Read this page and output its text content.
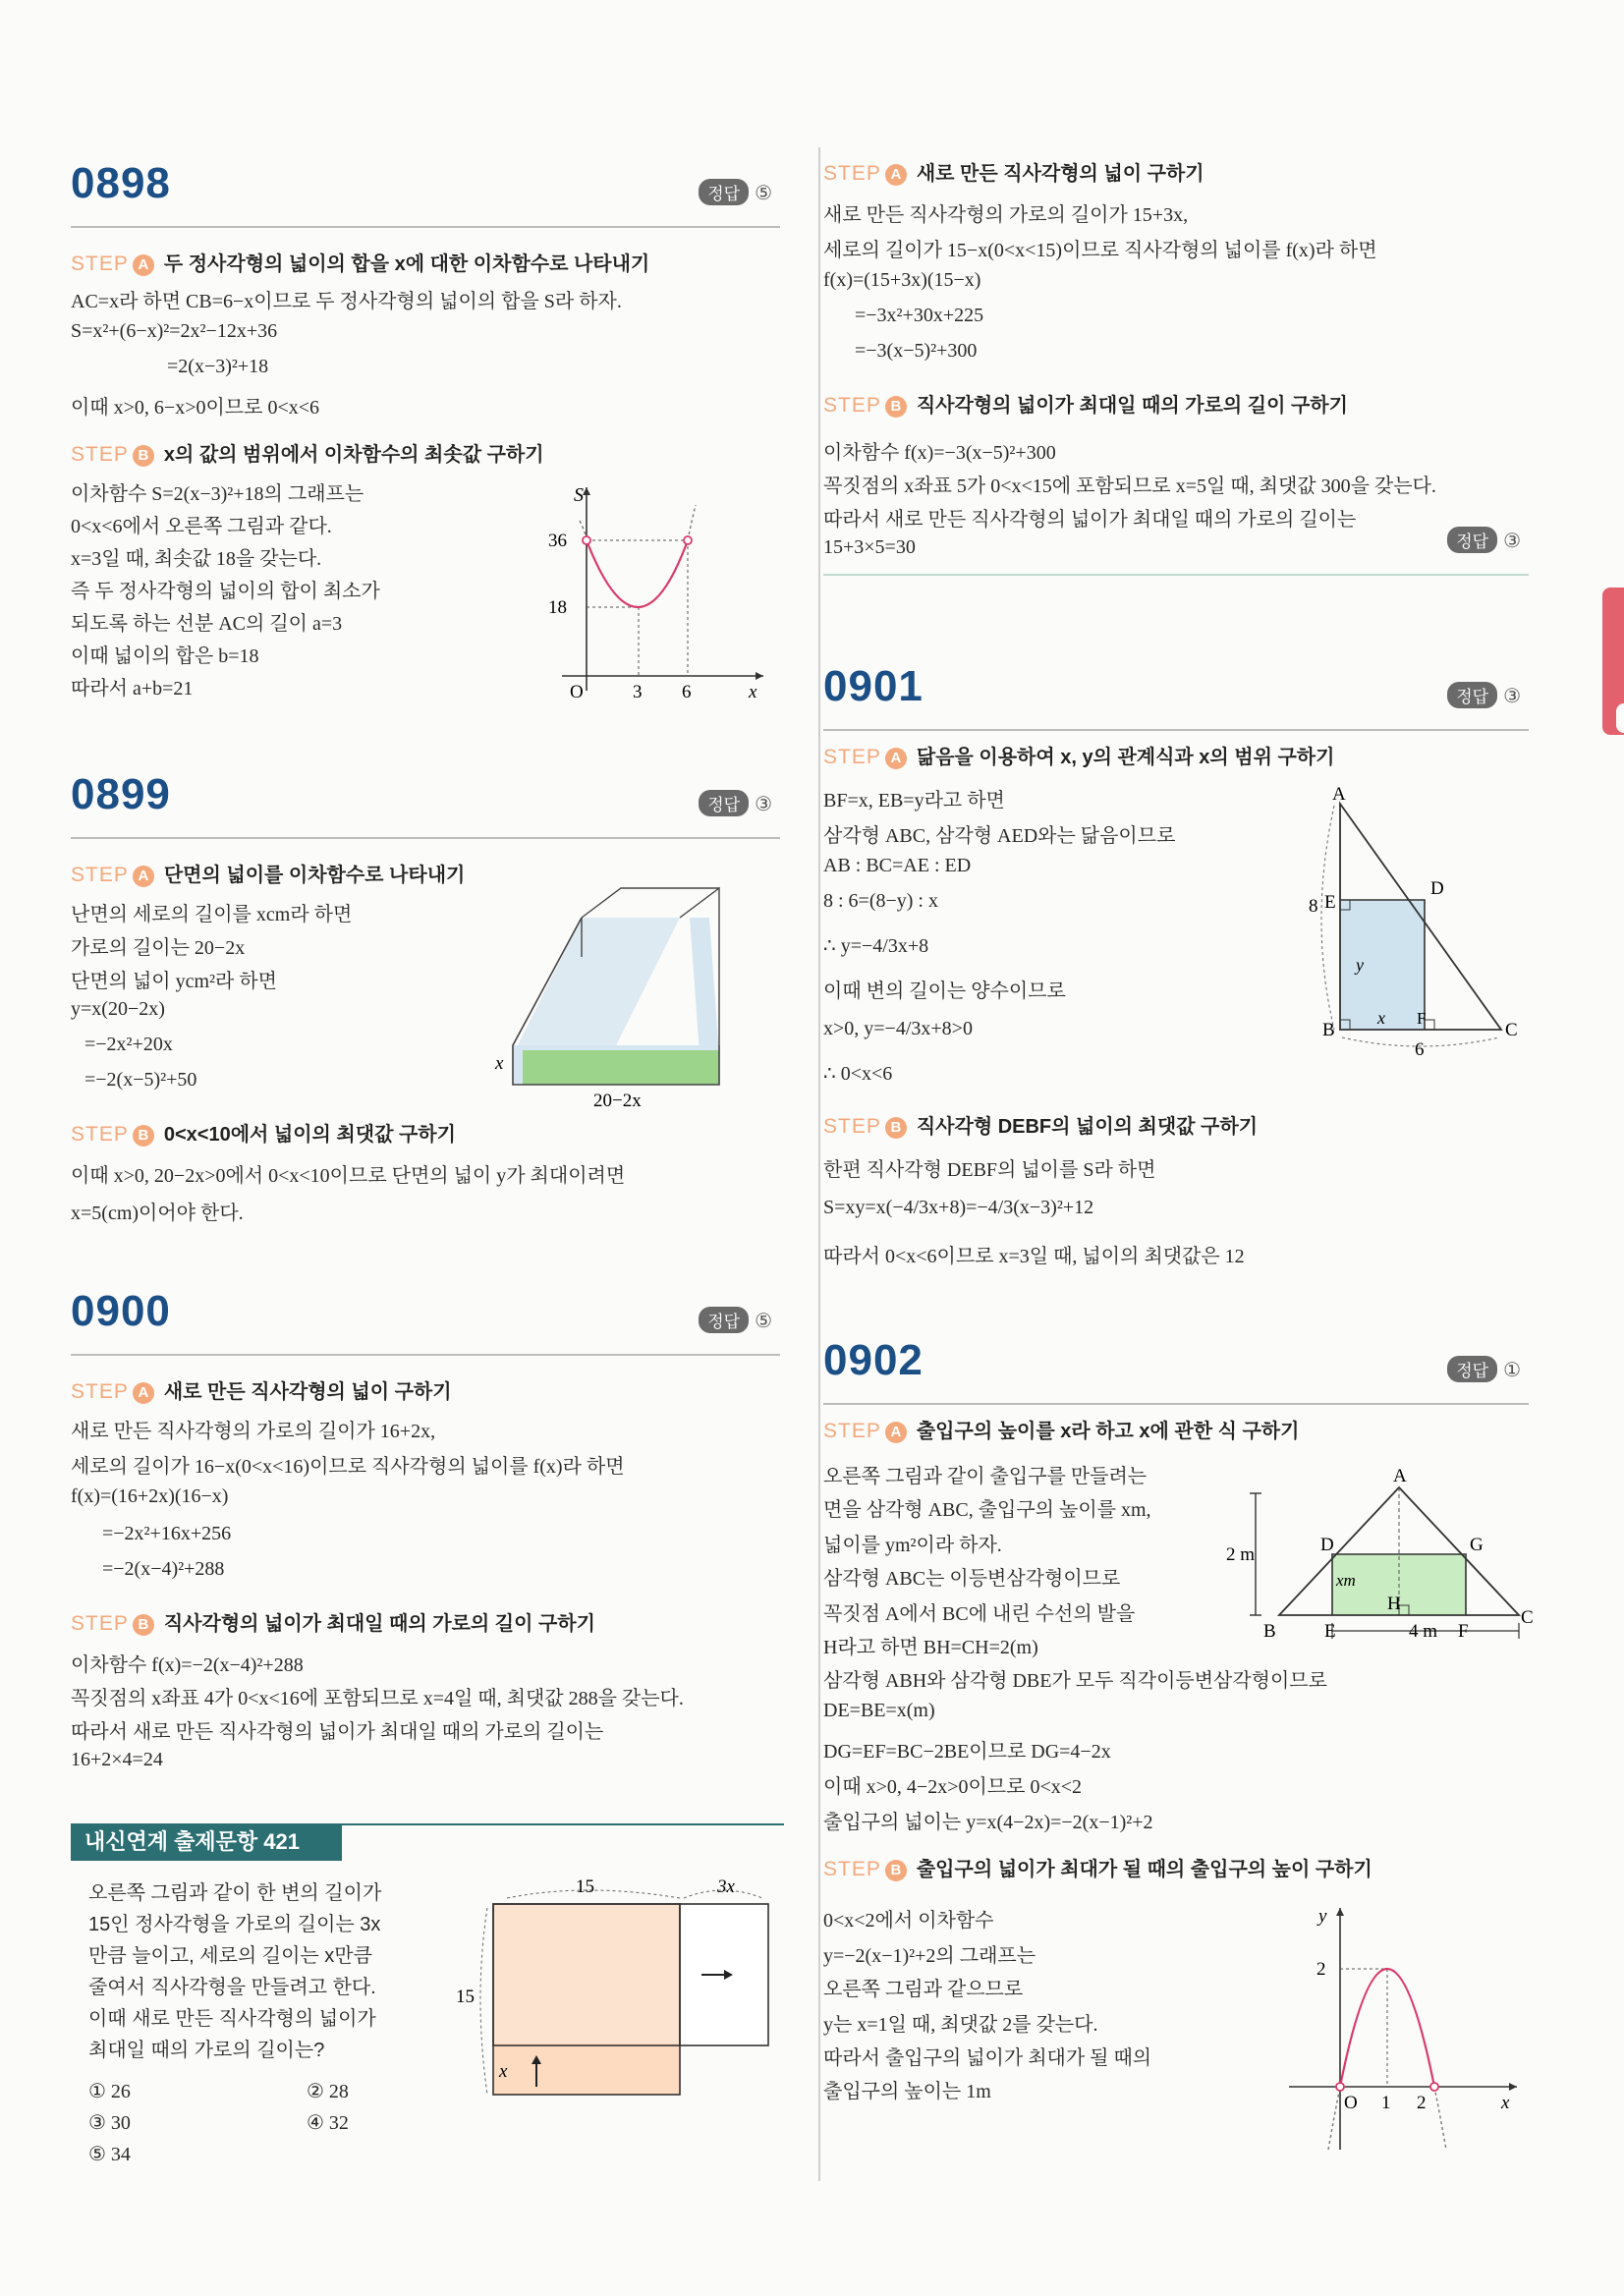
0898	정답 ⑤
STEP A 두 정사각형의 넓이의 합을 x에 대한 이차함수로 나타내기
AC=x라 하면 CB=6−x이므로 두 정사각형의 넓이의 합을 S라 하자.
S=x²+(6−x)²=2x²−12x+36
=2(x−3)²+18
이때 x>0, 6−x>0이므로 0<x<6
STEP B x의 값의 범위에서 이차함수의 최솟값 구하기
이차함수 S=2(x−3)²+18의 그래프는
0<x<6에서 오른쪽 그림과 같다.
x=3일 때, 최솟값 18을 갖는다.
즉 두 정사각형의 넓이의 합이 최소가
되도록 하는 선분 AC의 길이 a=3
이때 넓이의 합은 b=18
따라서 a+b=21
S
36
18
O	3 6	x
0899	정답 ③
STEP A 단면의 넓이를 이차함수로 나타내기
난면의 세로의 길이를 xcm라 하면
가로의 길이는 20−2x
단면의 넓이 ycm²라 하면
y=x(20−2x)
=−2x²+20x
=−2(x−5)²+50
STEP B 0<x<10에서 넓이의 최댓값 구하기
이때 x>0, 20−2x>0에서 0<x<10이므로 단면의 넓이 y가 최대이려면
x=5(cm)이어야 한다.
x
20−2x
0900	정답 ⑤
STEP A 새로 만든 직사각형의 넓이 구하기
새로 만든 직사각형의 가로의 길이가 16+2x,
세로의 길이가 16−x(0<x<16)이므로 직사각형의 넓이를 f(x)라 하면
f(x)=(16+2x)(16−x)
=−2x²+16x+256
=−2(x−4)²+288
STEP B 직사각형의 넓이가 최대일 때의 가로의 길이 구하기
이차함수 f(x)=−2(x−4)²+288
꼭짓점의 x좌표 4가 0<x<16에 포함되므로 x=4일 때, 최댓값 288을 갖는다.
따라서 새로 만든 직사각형의 넓이가 최대일 때의 가로의 길이는
16+2×4=24
내신연계 출제문항 421
오른쪽 그림과 같이 한 변의 길이가
15인 정사각형을 가로의 길이는 3x
만큼 늘이고, 세로의 길이는 x만큼
줄여서 직사각형을 만들려고 한다.
이때 새로 만든 직사각형의 넓이가
최대일 때의 가로의 길이는?
① 26	② 28
③ 30	④ 32
⑤ 34
15	3x
15
x
STEP A 새로 만든 직사각형의 넓이 구하기
새로 만든 직사각형의 가로의 길이가 15+3x,
세로의 길이가 15−x(0<x<15)이므로 직사각형의 넓이를 f(x)라 하면
f(x)=(15+3x)(15−x)
=−3x²+30x+225
=−3(x−5)²+300
STEP B 직사각형의 넓이가 최대일 때의 가로의 길이 구하기
이차함수 f(x)=−3(x−5)²+300
꼭짓점의 x좌표 5가 0<x<15에 포함되므로 x=5일 때, 최댓값 300을 갖는다.
따라서 새로 만든 직사각형의 넓이가 최대일 때의 가로의 길이는
15+3×5=30	정답 ③
0901	정답 ③
STEP A 닮음을 이용하여 x, y의 관계식과 x의 범위 구하기
BF=x, EB=y라고 하면
삼각형 ABC, 삼각형 AED와는 닮음이므로
AB : BC=AE : ED
8 : 6=(8−y) : x
∴ y=−4/3x+8
이때 변의 길이는 양수이므로
x>0, y=−4/3x+8>0
∴ 0<x<6
STEP B 직사각형 DEBF의 넓이의 최댓값 구하기
한편 직사각형 DEBF의 넓이를 S라 하면
S=xy=x(−4/3x+8)=−4/3(x−3)²+12
따라서 0<x<6이므로 x=3일 때, 넓이의 최댓값은 12
A
B	C
D
E
F
8
6
x
y
0902	정답 ①
STEP A 출입구의 높이를 x라 하고 x에 관한 식 구하기
오른쪽 그림과 같이 출입구를 만들려는
면을 삼각형 ABC, 출입구의 높이를 xm,
넓이를 ym²이라 하자.
삼각형 ABC는 이등변삼각형이므로
꼭짓점 A에서 BC에 내린 수선의 발을
H라고 하면 BH=CH=2(m)
삼각형 ABH와 삼각형 DBE가 모두 직각이등변삼각형이므로
DE=BE=x(m)
DG=EF=BC−2BE이므로 DG=4−2x
이때 x>0, 4−2x>0이므로 0<x<2
출입구의 넓이는 y=x(4−2x)=−2(x−1)²+2
STEP B 출입구의 넓이가 최대가 될 때의 출입구의 높이 구하기
0<x<2에서 이차함수
y=−2(x−1)²+2의 그래프는
오른쪽 그림과 같으므로
y는 x=1일 때, 최댓값 2를 갖는다.
따라서 출입구의 넓이가 최대가 될 때의
출입구의 높이는 1m
A
B
C
D
E	F
G
H
2 m
4 m
xm
y
2
O 1 2	x
